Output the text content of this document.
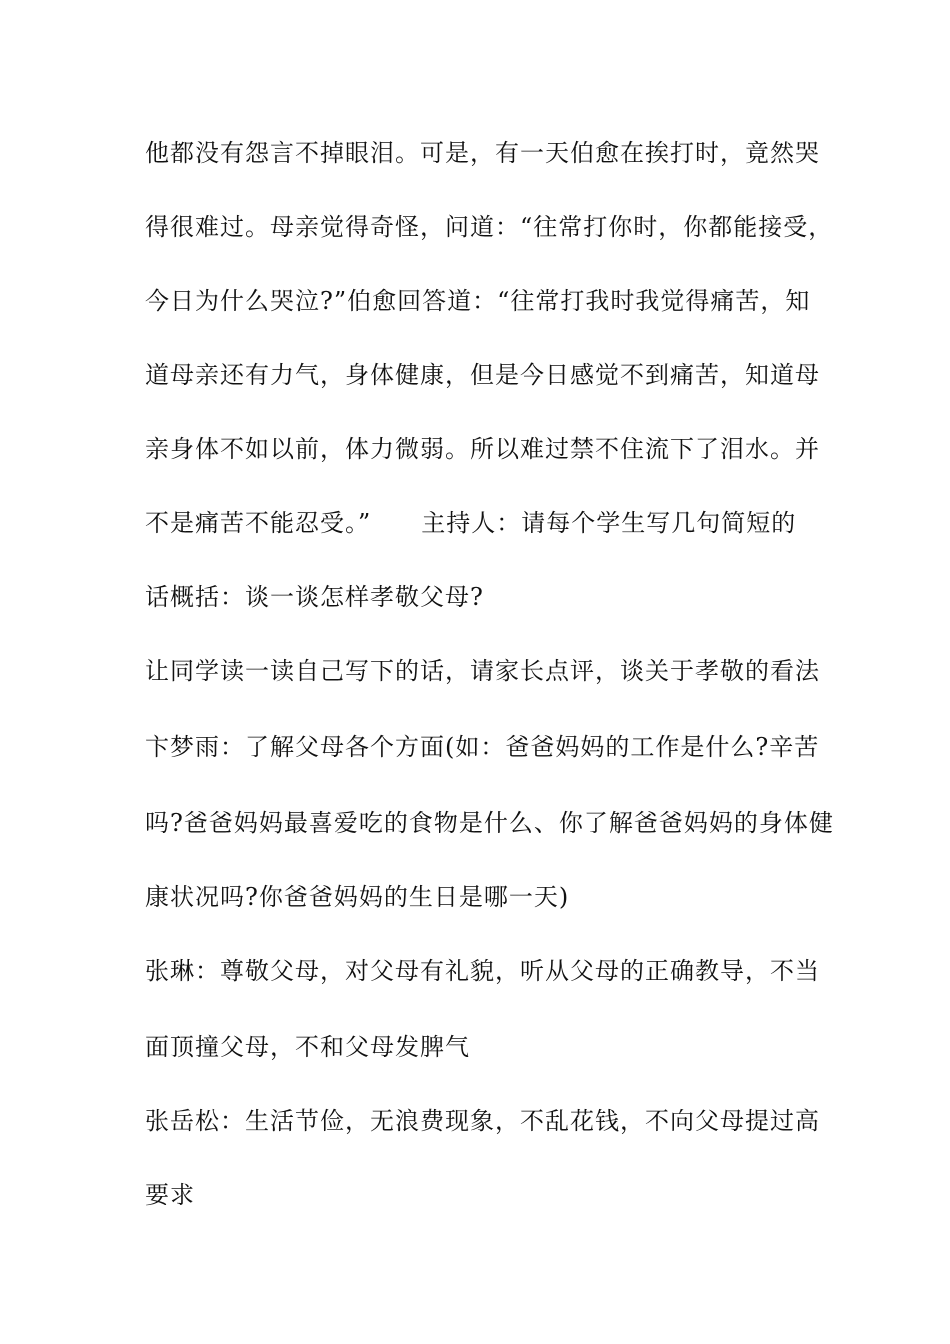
他都没有怨言不掉眼泪。可是，有一天伯愈在挨打时，竟然哭
得很难过。母亲觉得奇怪，问道：“往常打你时，你都能接受，
今日为什么哭泣?”伯愈回答道：“往常打我时我觉得痛苦，知
道母亲还有力气，身体健康，但是今日感觉不到痛苦，知道母
亲身体不如以前，体力微弱。所以难过禁不住流下了泪水。并
不是痛苦不能忍受。”　　主持人：请每个学生写几句简短的
话概括：谈一谈怎样孝敬父母?
让同学读一读自己写下的话，请家长点评，谈关于孝敬的看法
卞梦雨：了解父母各个方面(如：爸爸妈妈的工作是什么?辛苦
吗?爸爸妈妈最喜爱吃的食物是什么、你了解爸爸妈妈的身体健
康状况吗?你爸爸妈妈的生日是哪一天)
张琳：尊敬父母，对父母有礼貌，听从父母的正确教导，不当
面顶撞父母，不和父母发脾气
张岳松：生活节俭，无浪费现象，不乱花钱，不向父母提过高
要求
